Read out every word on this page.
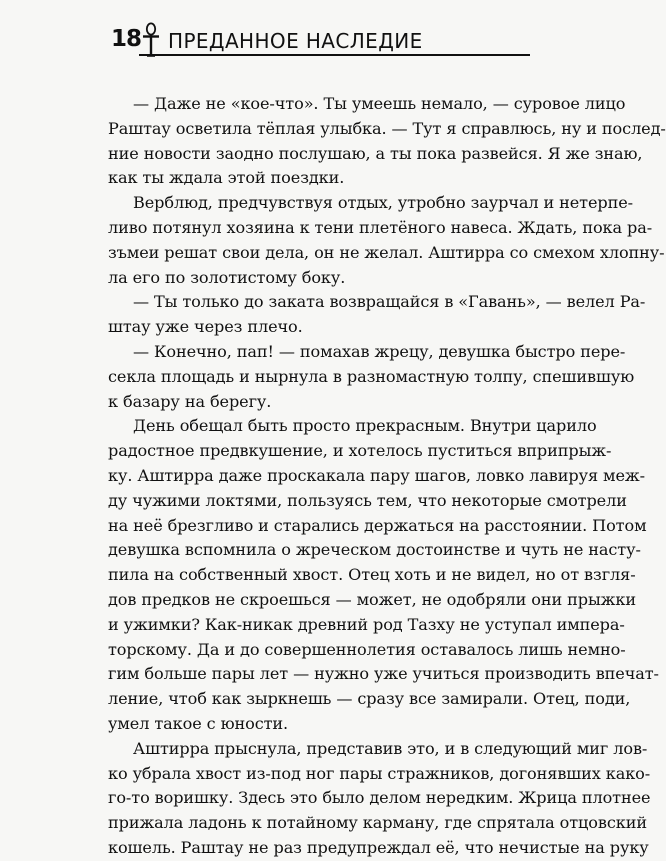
18 ПРЕДАННОЕ НАСЛЕДИЕ
— Даже не «кое-что». Ты умеешь немало, — суровое лицо
Раштау осветила тёплая улыбка. — Тут я справлюсь, ну и послед-
ние новости заодно послушаю, а ты пока развейся. Я же знаю,
как ты ждала этой поездки.
Верблюд, предчувствуя отдых, утробно заурчал и нетерпе-
ливо потянул хозяина к тени плетёного навеса. Ждать, пока ра-
зъмеи решат свои дела, он не желал. Аштирра со смехом хлопну-
ла его по золотистому боку.
— Ты только до заката возвращайся в «Гавань», — велел Ра-
штау уже через плечо.
— Конечно, пап! — помахав жрецу, девушка быстро пере-
секла площадь и нырнула в разномастную толпу, спешившую
к базару на берегу.
День обещал быть просто прекрасным. Внутри царило
радостное предвкушение, и хотелось пуститься вприпрыж-
ку. Аштирра даже проскакала пару шагов, ловко лавируя меж-
ду чужими локтями, пользуясь тем, что некоторые смотрели
на неё брезгливо и старались держаться на расстоянии. Потом
девушка вспомнила о жреческом достоинстве и чуть не насту-
пила на собственный хвост. Отец хоть и не видел, но от взгля-
дов предков не скроешься — может, не одобряли они прыжки
и ужимки? Как-никак древний род Тазху не уступал импера-
торскому. Да и до совершеннолетия оставалось лишь немно-
гим больше пары лет — нужно уже учиться производить впечат-
ление, чтоб как зыркнешь — сразу все замирали. Отец, поди,
умел такое с юности.
Аштирра прыснула, представив это, и в следующий миг лов-
ко убрала хвост из-под ног пары стражников, догонявших како-
го-то воришку. Здесь это было делом нередким. Жрица плотнее
прижала ладонь к потайному карману, где спрятала отцовский
кошель. Раштау не раз предупреждал её, что нечистые на руку
